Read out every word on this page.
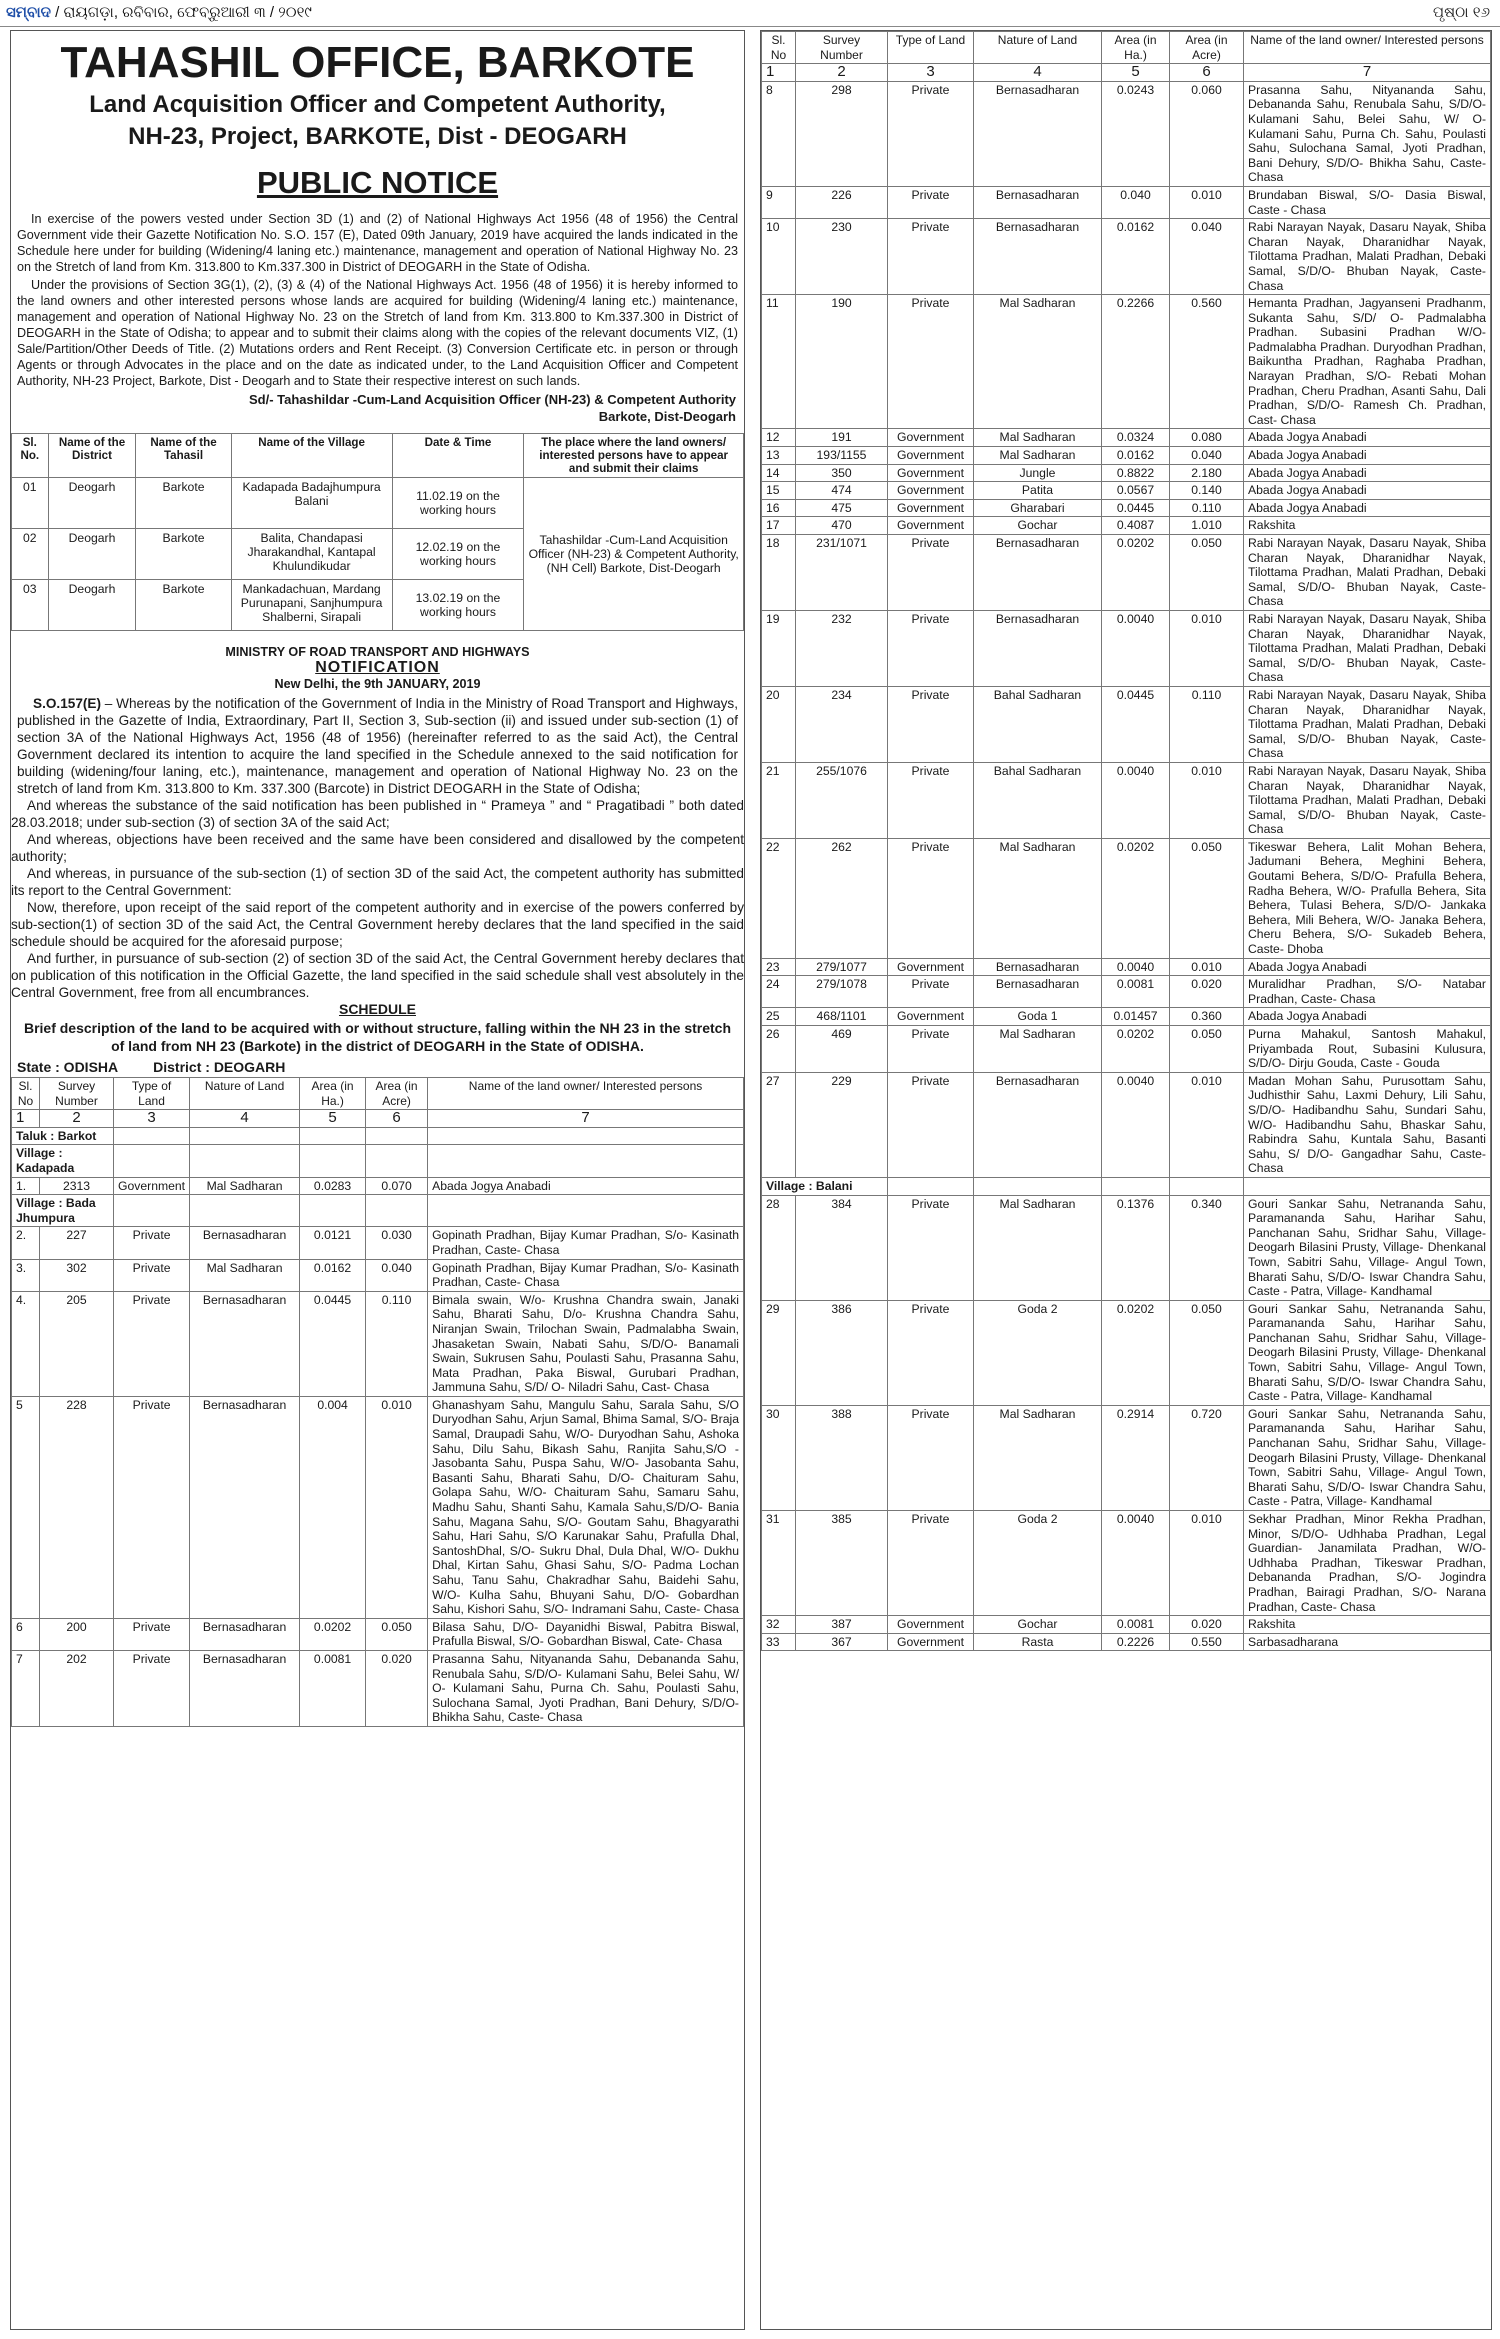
ସମ୍ବାଦ / ରାୟଗଡ଼ା, ରବିବାର, ଫେବ୍ରୁଆରୀ ୩ / ୨୦୧୯	ପୃଷ୍ଠା ୧୬
TAHASHIL OFFICE, BARKOTE
Land Acquisition Officer and Competent Authority,
NH-23, Project, BARKOTE, Dist - DEOGARH
PUBLIC NOTICE

In exercise of the powers vested under Section 3D (1) and (2) of National Highways Act 1956 (48 of 1956) the Central Government vide their Gazette Notification No. S.O. 157 (E), Dated 09th January, 2019 have acquired the lands indicated in the Schedule here under for building (Widening/4 laning etc.) maintenance, management and operation of National Highway No. 23 on the Stretch of land from Km. 313.800 to Km.337.300 in District of DEOGARH in the State of Odisha.

Under the provisions of Section 3G(1), (2), (3) & (4) of the National Highways Act. 1956 (48 of 1956) it is hereby informed to the land owners and other interested persons whose lands are acquired for building (Widening/4 laning etc.) maintenance, management and operation of National Highway No. 23 on the Stretch of land from Km. 313.800 to Km.337.300 in District of DEOGARH in the State of Odisha; to appear and to submit their claims along with the copies of the relevant documents VIZ, (1) Sale/Partition/Other Deeds of Title. (2) Mutations orders and Rent Receipt. (3) Conversion Certificate etc. in person or through Agents or through Advocates in the place and on the date as indicated under, to the Land Acquisition Officer and Competent Authority, NH-23 Project, Barkote, Dist - Deogarh and to State their respective interest on such lands.

Sd/- Tahashildar -Cum-Land Acquisition Officer (NH-23) & Competent Authority
Barkote, Dist-Deogarh
Sl. No.	Name of the District	Name of the Tahasil	Name of the Village	Date & Time	The place where the land owners/ interested persons have to appear and submit their claims
01	Deogarh	Barkote	Kadapada Badajhumpura Balani	11.02.19 on the working hours	Tahashildar -Cum-Land Acquisition Officer (NH-23) & Competent Authority, (NH Cell) Barkote, Dist-Deogarh
02	Deogarh	Barkote	Balita, Chandapasi Jharakandhal, Kantapal Khulundikudar	12.02.19 on the working hours	
03	Deogarh	Barkote	Mankadachuan, Mardang Purunapani, Sanjhumpura Shalberni, Sirapali	13.02.19 on the working hours	
MINISTRY OF ROAD TRANSPORT AND HIGHWAYS
NOTIFICATION
New Delhi, the 9th JANUARY, 2019

S.O.157(E) – Whereas by the notification of the Government of India in the Ministry of Road Transport and Highways, published in the Gazette of India, Extraordinary, Part II, Section 3, Sub-section (ii) and issued under sub-section (1) of section 3A of the National Highways Act, 1956 (48 of 1956) (hereinafter referred to as the said Act), the Central Government declared its intention to acquire the land specified in the Schedule annexed to the said notification for building (widening/four laning, etc.), maintenance, management and operation of National Highway No. 23 on the stretch of land from Km. 313.800 to Km. 337.300 (Barcote) in District DEOGARH in the State of Odisha;

And whereas the substance of the said notification has been published in “ Prameya ” and “ Pragatibadi ” both dated 28.03.2018; under sub-section (3) of section 3A of the said Act;

And whereas, objections have been received and the same have been considered and disallowed by the competent authority;

And whereas, in pursuance of the sub-section (1) of section 3D of the said Act, the competent authority has submitted its report to the Central Government:

Now, therefore, upon receipt of the said report of the competent authority and in exercise of the powers conferred by sub-section(1) of section 3D of the said Act, the Central Government hereby declares that the land specified in the said schedule should be acquired for the aforesaid purpose;

And further, in pursuance of sub-section (2) of section 3D of the said Act, the Central Government hereby declares that on publication of this notification in the Official Gazette, the land specified in the said schedule shall vest absolutely in the Central Government, free from all encumbrances.

SCHEDULE
Brief description of the land to be acquired with or without structure, falling within the NH 23 in the stretch of land from NH 23 (Barkote) in the district of DEOGARH in the State of ODISHA.
State : ODISHA	District : DEOGARH
Sl. No	Survey Number	Type of Land	Nature of Land	Area (in Ha.)	Area (in Acre)	Name of the land owner/ Interested persons
1	2	3	4	5	6	7
Taluk : Barkot						
Village : Kadapada						
1.	2313	Government	Mal Sadharan	0.0283	0.070	Abada Jogya Anabadi
Village : Bada Jhumpura						
2.	227	Private	Bernasadharan	0.0121	0.030	Gopinath Pradhan, Bijay Kumar Pradhan, S/o- Kasinath Pradhan, Caste- Chasa
3.	302	Private	Mal Sadharan	0.0162	0.040	Gopinath Pradhan, Bijay Kumar Pradhan, S/o- Kasinath Pradhan, Caste- Chasa
4.	205	Private	Bernasadharan	0.0445	0.110	Bimala swain, W/o- Krushna Chandra swain, Janaki Sahu, Bharati Sahu, D/o- Krushna Chandra Sahu, Niranjan Swain, Trilochan Swain, Padmalabha Swain, Jhasaketan Swain, Nabati Sahu, S/D/O- Banamali Swain, Sukrusen Sahu, Poulasti Sahu, Prasanna Sahu, Mata Pradhan, Paka Biswal, Gurubari Pradhan, Jammuna Sahu, S/D/ O- Niladri Sahu, Cast- Chasa
5	228	Private	Bernasadharan	0.004	0.010	Ghanashyam Sahu, Mangulu Sahu, Sarala Sahu, S/O Duryodhan Sahu, Arjun Samal, Bhima Samal, S/O- Braja Samal, Draupadi Sahu, W/O- Duryodhan Sahu, Ashoka Sahu, Dilu Sahu, Bikash Sahu, Ranjita Sahu,S/O - Jasobanta Sahu, Puspa Sahu, W/O- Jasobanta Sahu, Basanti Sahu, Bharati Sahu, D/O- Chaituram Sahu, Golapa Sahu, W/O- Chaituram Sahu, Samaru Sahu, Madhu Sahu, Shanti Sahu, Kamala Sahu,S/D/O- Bania Sahu, Magana Sahu, S/O- Goutam Sahu, Bhagyarathi Sahu, Hari Sahu, S/O Karunakar Sahu, Prafulla Dhal, SantoshDhal, S/O- Sukru Dhal, Dula Dhal, W/O- Dukhu Dhal, Kirtan Sahu, Ghasi Sahu, S/O- Padma Lochan Sahu, Tanu Sahu, Chakradhar Sahu, Baidehi Sahu, W/O- Kulha Sahu, Bhuyani Sahu, D/O- Gobardhan Sahu, Kishori Sahu, S/O- Indramani Sahu, Caste- Chasa
6	200	Private	Bernasadharan	0.0202	0.050	Bilasa Sahu, D/O- Dayanidhi Biswal, Pabitra Biswal, Prafulla Biswal, S/O- Gobardhan Biswal, Cate- Chasa
7	202	Private	Bernasadharan	0.0081	0.020	Prasanna Sahu, Nityananda Sahu, Debananda Sahu, Renubala Sahu, S/D/O- Kulamani Sahu, Belei Sahu, W/ O- Kulamani Sahu, Purna Ch. Sahu, Poulasti Sahu, Sulochana Samal, Jyoti Pradhan, Bani Dehury, S/D/O- Bhikha Sahu, Caste- Chasa
Sl. No	Survey Number	Type of Land	Nature of Land	Area (in Ha.)	Area (in Acre)	Name of the land owner/ Interested persons
1	2	3	4	5	6	7
8	298	Private	Bernasadharan	0.0243	0.060	Prasanna Sahu, Nityananda Sahu, Debananda Sahu, Renubala Sahu, S/D/O- Kulamani Sahu, Belei Sahu, W/ O- Kulamani Sahu, Purna Ch. Sahu, Poulasti Sahu, Sulochana Samal, Jyoti Pradhan, Bani Dehury, S/D/O- Bhikha Sahu, Caste- Chasa
9	226	Private	Bernasadharan	0.040	0.010	Brundaban Biswal, S/O- Dasia Biswal, Caste - Chasa
10	230	Private	Bernasadharan	0.0162	0.040	Rabi Narayan Nayak, Dasaru Nayak, Shiba Charan Nayak, Dharanidhar Nayak, Tilottama Pradhan, Malati Pradhan, Debaki Samal, S/D/O- Bhuban Nayak, Caste- Chasa
11	190	Private	Mal Sadharan	0.2266	0.560	Hemanta Pradhan, Jagyanseni Pradhanm, Sukanta Sahu, S/D/ O- Padmalabha Pradhan. Subasini Pradhan W/O- Padmalabha Pradhan. Duryodhan Pradhan, Baikuntha Pradhan, Raghaba Pradhan, Narayan Pradhan, S/O- Rebati Mohan Pradhan, Cheru Pradhan, Asanti Sahu, Dali Pradhan, S/D/O- Ramesh Ch. Pradhan, Cast- Chasa
12	191	Government	Mal Sadharan	0.0324	0.080	Abada Jogya Anabadi
13	193/1155	Government	Mal Sadharan	0.0162	0.040	Abada Jogya Anabadi
14	350	Government	Jungle	0.8822	2.180	Abada Jogya Anabadi
15	474	Government	Patita	0.0567	0.140	Abada Jogya Anabadi
16	475	Government	Gharabari	0.0445	0.110	Abada Jogya Anabadi
17	470	Government	Gochar	0.4087	1.010	Rakshita
18	231/1071	Private	Bernasadharan	0.0202	0.050	Rabi Narayan Nayak, Dasaru Nayak, Shiba Charan Nayak, Dharanidhar Nayak, Tilottama Pradhan, Malati Pradhan, Debaki Samal, S/D/O- Bhuban Nayak, Caste- Chasa
19	232	Private	Bernasadharan	0.0040	0.010	Rabi Narayan Nayak, Dasaru Nayak, Shiba Charan Nayak, Dharanidhar Nayak, Tilottama Pradhan, Malati Pradhan, Debaki Samal, S/D/O- Bhuban Nayak, Caste- Chasa
20	234	Private	Bahal Sadharan	0.0445	0.110	Rabi Narayan Nayak, Dasaru Nayak, Shiba Charan Nayak, Dharanidhar Nayak, Tilottama Pradhan, Malati Pradhan, Debaki Samal, S/D/O- Bhuban Nayak, Caste- Chasa
21	255/1076	Private	Bahal Sadharan	0.0040	0.010	Rabi Narayan Nayak, Dasaru Nayak, Shiba Charan Nayak, Dharanidhar Nayak, Tilottama Pradhan, Malati Pradhan, Debaki Samal, S/D/O- Bhuban Nayak, Caste- Chasa
22	262	Private	Mal Sadharan	0.0202	0.050	Tikeswar Behera, Lalit Mohan Behera, Jadumani Behera, Meghini Behera, Goutami Behera, S/D/O- Prafulla Behera, Radha Behera, W/O- Prafulla Behera, Sita Behera, Tulasi Behera, S/D/O- Jankaka Behera, Mili Behera, W/O- Janaka Behera, Cheru Behera, S/O- Sukadeb Behera, Caste- Dhoba
23	279/1077	Government	Bernasadharan	0.0040	0.010	Abada Jogya Anabadi
24	279/1078	Private	Bernasadharan	0.0081	0.020	Muralidhar Pradhan, S/O- Natabar Pradhan, Caste- Chasa
25	468/1101	Government	Goda 1	0.01457	0.360	Abada Jogya Anabadi
26	469	Private	Mal Sadharan	0.0202	0.050	Purna Mahakul, Santosh Mahakul, Priyambada Rout, Subasini Kulusura, S/D/O- Dirju Gouda, Caste - Gouda
27	229	Private	Bernasadharan	0.0040	0.010	Madan Mohan Sahu, Purusottam Sahu, Judhisthir Sahu, Laxmi Dehury, Lili Sahu, S/D/O- Hadibandhu Sahu, Sundari Sahu, W/O- Hadibandhu Sahu, Bhaskar Sahu, Rabindra Sahu, Kuntala Sahu, Basanti Sahu, S/ D/O- Gangadhar Sahu, Caste- Chasa
Village : Balani						
28	384	Private	Mal Sadharan	0.1376	0.340	Gouri Sankar Sahu, Netrananda Sahu, Paramananda Sahu, Harihar Sahu, Panchanan Sahu, Sridhar Sahu, Village- Deogarh Bilasini Prusty, Village- Dhenkanal Town, Sabitri Sahu, Village- Angul Town, Bharati Sahu, S/D/O- Iswar Chandra Sahu, Caste - Patra, Village- Kandhamal
29	386	Private	Goda 2	0.0202	0.050	Gouri Sankar Sahu, Netrananda Sahu, Paramananda Sahu, Harihar Sahu, Panchanan Sahu, Sridhar Sahu, Village- Deogarh Bilasini Prusty, Village- Dhenkanal Town, Sabitri Sahu, Village- Angul Town, Bharati Sahu, S/D/O- Iswar Chandra Sahu, Caste - Patra, Village- Kandhamal
30	388	Private	Mal Sadharan	0.2914	0.720	Gouri Sankar Sahu, Netrananda Sahu, Paramananda Sahu, Harihar Sahu, Panchanan Sahu, Sridhar Sahu, Village- Deogarh Bilasini Prusty, Village- Dhenkanal Town, Sabitri Sahu, Village- Angul Town, Bharati Sahu, S/D/O- Iswar Chandra Sahu, Caste - Patra, Village- Kandhamal
31	385	Private	Goda 2	0.0040	0.010	Sekhar Pradhan, Minor Rekha Pradhan, Minor, S/D/O- Udhhaba Pradhan, Legal Guardian- Janamilata Pradhan, W/O- Udhhaba Pradhan, Tikeswar Pradhan, Debananda Pradhan, S/O- Jogindra Pradhan, Bairagi Pradhan, S/O- Narana Pradhan, Caste- Chasa
32	387	Government	Gochar	0.0081	0.020	Rakshita
33	367	Government	Rasta	0.2226	0.550	Sarbasadharana
